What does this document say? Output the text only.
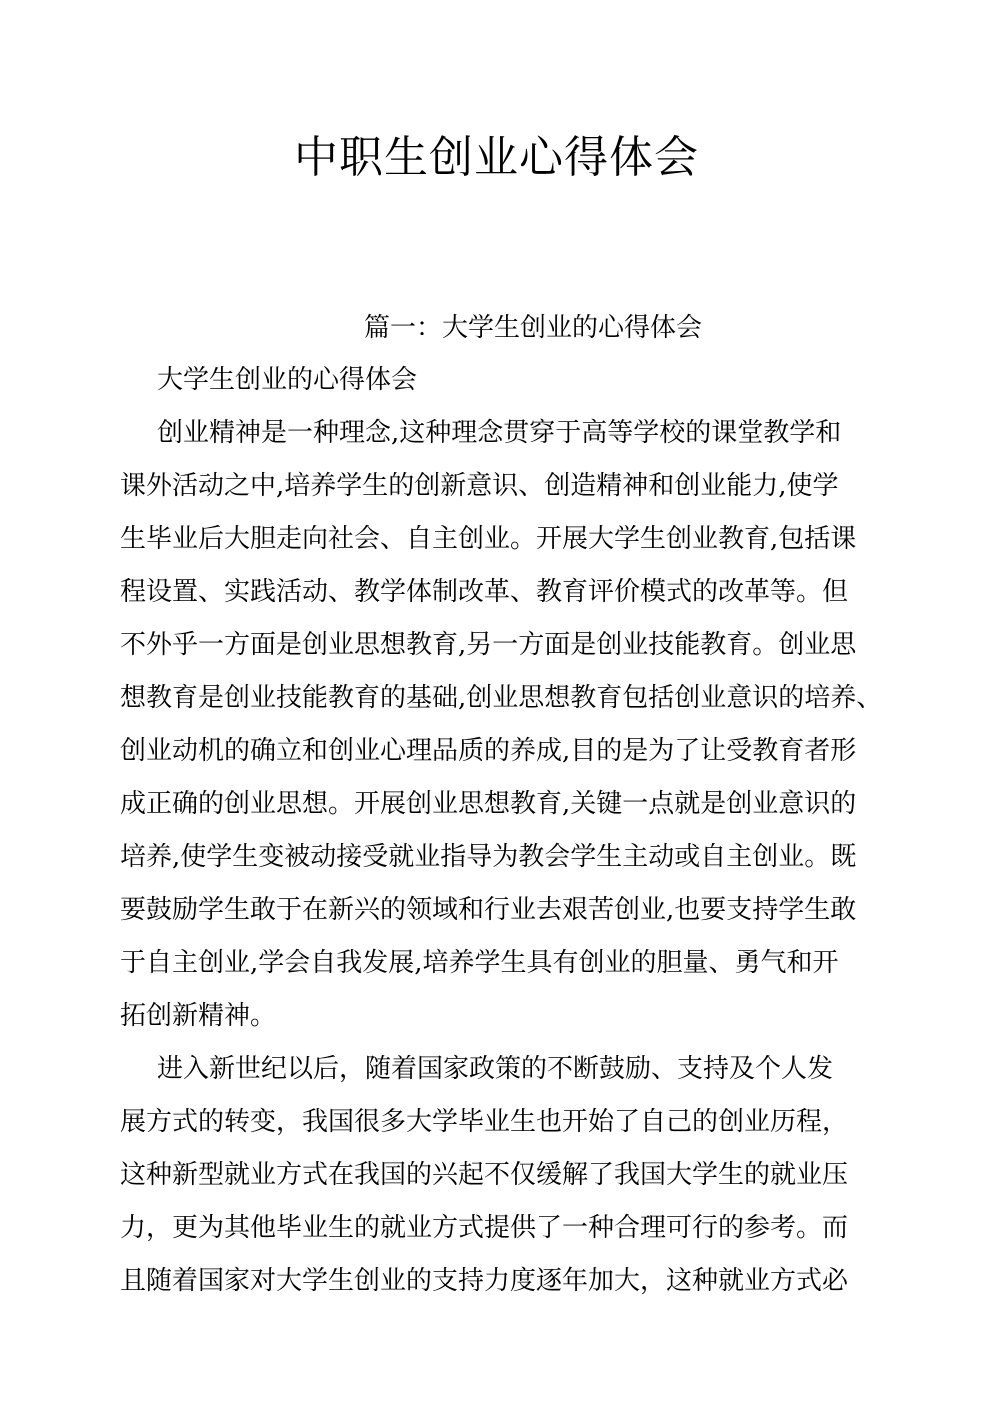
中职生创业心得体会
篇一：大学生创业的心得体会

大学生创业的心得体会

创业精神是一种理念,这种理念贯穿于高等学校的课堂教学和

课外活动之中,培养学生的创新意识、创造精神和创业能力,使学

生毕业后大胆走向社会、自主创业。开展大学生创业教育,包括课

程设置、实践活动、教学体制改革、教育评价模式的改革等。但

不外乎一方面是创业思想教育,另一方面是创业技能教育。创业思

想教育是创业技能教育的基础,创业思想教育包括创业意识的培养、

创业动机的确立和创业心理品质的养成,目的是为了让受教育者形

成正确的创业思想。开展创业思想教育,关键一点就是创业意识的

培养,使学生变被动接受就业指导为教会学生主动或自主创业。既

要鼓励学生敢于在新兴的领域和行业去艰苦创业,也要支持学生敢

于自主创业,学会自我发展,培养学生具有创业的胆量、勇气和开

拓创新精神。

进入新世纪以后，随着国家政策的不断鼓励、支持及个人发

展方式的转变，我国很多大学毕业生也开始了自己的创业历程，

这种新型就业方式在我国的兴起不仅缓解了我国大学生的就业压

力，更为其他毕业生的就业方式提供了一种合理可行的参考。而

且随着国家对大学生创业的支持力度逐年加大，这种就业方式必
